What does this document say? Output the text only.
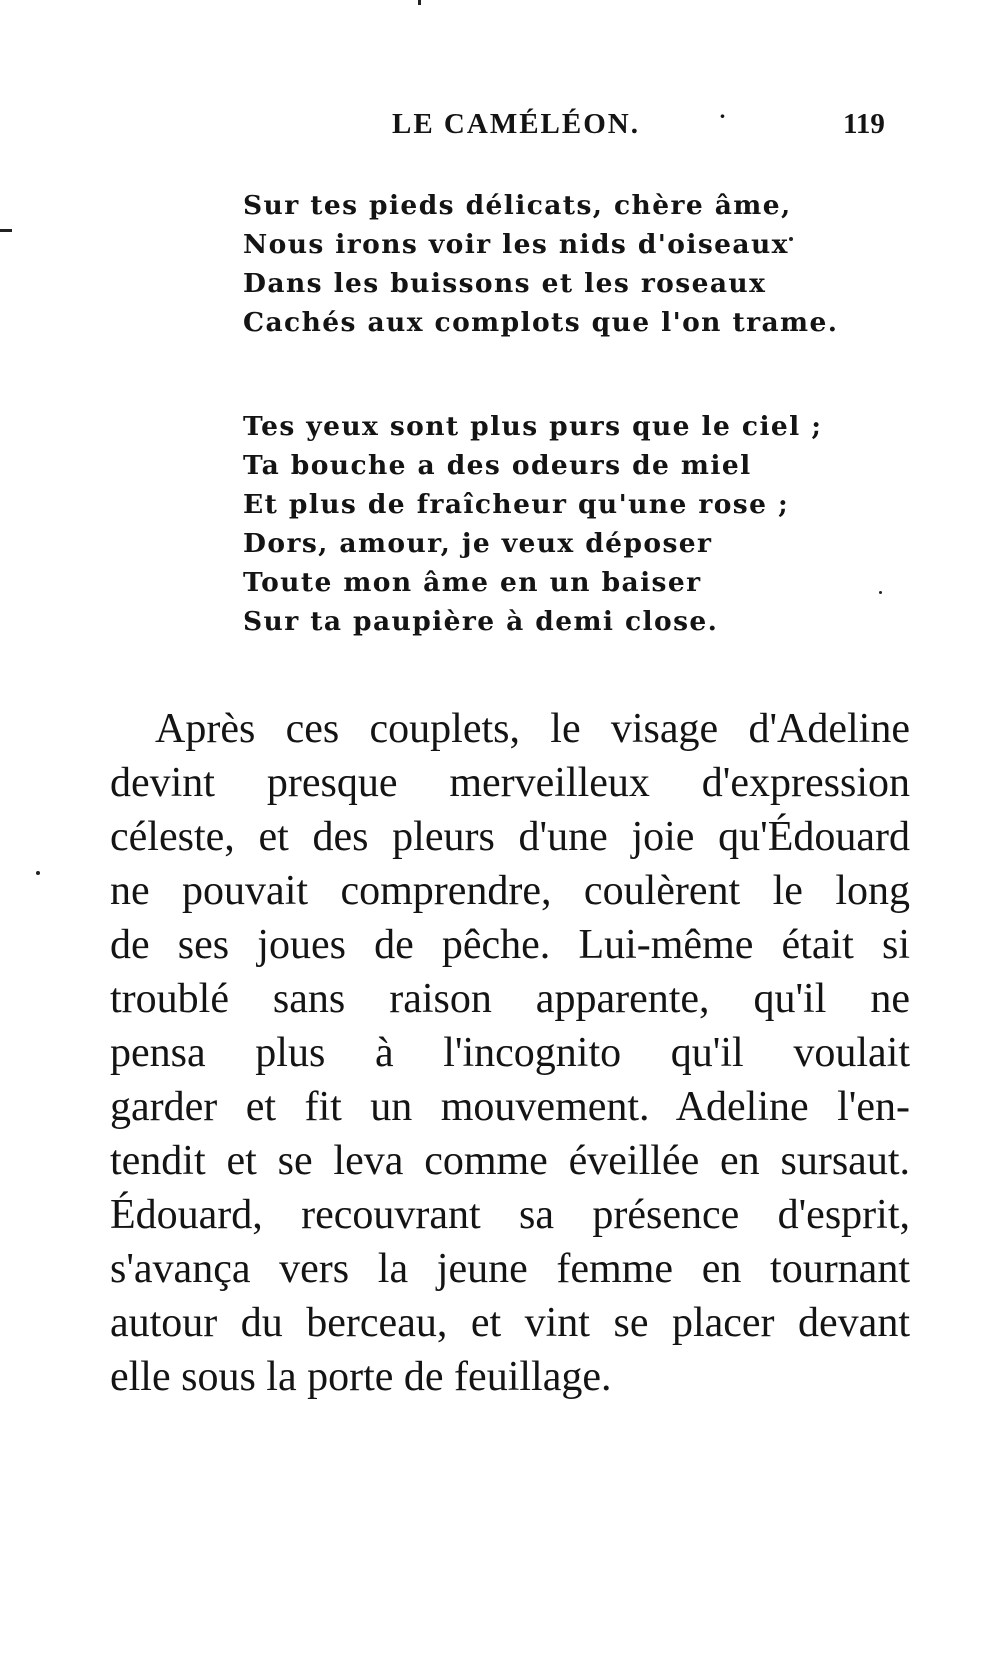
LE CAMÉLÉON.	·	119
Sur tes pieds délicats, chère âme,
Nous irons voir les nids d'oiseaux
Dans les buissons et les roseaux
Cachés aux complots que l'on trame.
Tes yeux sont plus purs que le ciel ;
Ta bouche a des odeurs de miel
Et plus de fraîcheur qu'une rose ;
Dors, amour, je veux déposer
Toute mon âme en un baiser
Sur ta paupière à demi close.
Après ces couplets, le visage d'Adeline
devint presque merveilleux d'expression
céleste, et des pleurs d'une joie qu'Édouard
ne pouvait comprendre, coulèrent le long
de ses joues de pêche. Lui-même était si
troublé sans raison apparente, qu'il ne
pensa plus à l'incognito qu'il voulait
garder et fit un mouvement. Adeline l'en-
tendit et se leva comme éveillée en sursaut.
Édouard, recouvrant sa présence d'esprit,
s'avança vers la jeune femme en tournant
autour du berceau, et vint se placer devant
elle sous la porte de feuillage.
